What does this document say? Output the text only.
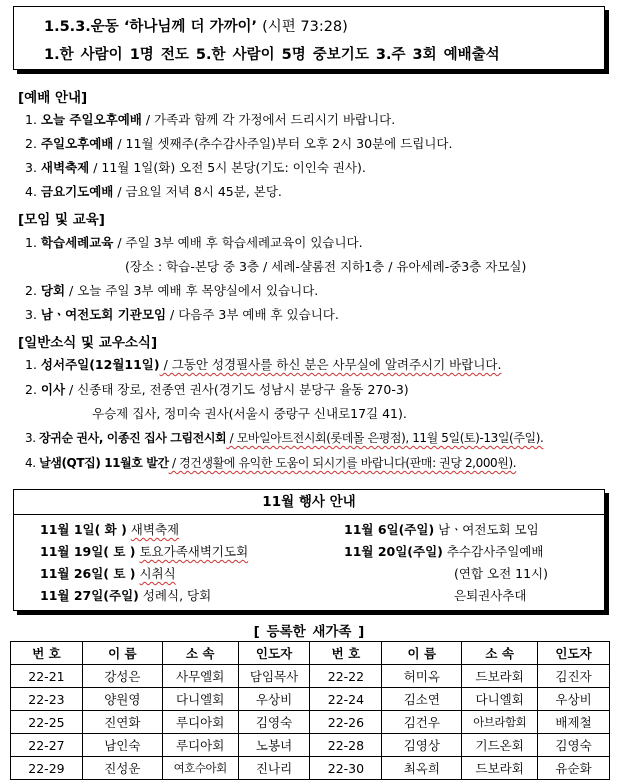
1.5.3.운동 ‘하나님께 더 가까이’ (시편 73:28)
1.한 사람이 1명 전도 5.한 사람이 5명 중보기도 3.주 3회 예배출석
[예배 안내]
1. 오늘 주일오후예배 / 가족과 함께 각 가정에서 드리시기 바랍니다.
2. 주일오후예배 / 11월 셋째주(추수감사주일)부터 오후 2시 30분에 드립니다.
3. 새벽축제 / 11월 1일(화) 오전 5시 본당(기도: 이인숙 권사).
4. 금요기도예배 / 금요일 저녁 8시 45분, 본당.
[모임 및 교육]
1. 학습세례교육 / 주일 3부 예배 후 학습세례교육이 있습니다.
(장소 : 학습-본당 중 3층 / 세례-샬롬전 지하1층 / 유아세례-중3층 자모실)
2. 당회 / 오늘 주일 3부 예배 후 목양실에서 있습니다.
3. 남ㆍ여전도회 기관모임 / 다음주 3부 예배 후 있습니다.
[일반소식 및 교우소식]
1. 성서주일(12월11일) / 그동안 성경필사를 하신 분은 사무실에 알려주시기 바랍니다.
2. 이사 / 신종태 장로, 전종연 권사(경기도 성남시 분당구 율동 270-3)
우승제 집사, 정미숙 권사(서울시 중랑구 신내로17길 41).
3. 장귀순 권사, 이종진 집사 그림전시회 / 모바일아트전시회(롯데몰 은평점), 11월 5일(토)-13일(주일).
4. 날샘(QT집) 11월호 발간 / 경건생활에 유익한 도움이 되시기를 바랍니다(판매: 권당 2,000원).
11월 행사 안내
11월 1일( 화 ) 새벽축제
11월 19일( 토 ) 토요가족새벽기도회
11월 26일( 토 ) 시취식
11월 27일(주일) 성례식, 당회
11월 6일(주일) 남ㆍ여전도회 모임
11월 20일(주일) 추수감사주일예배
(연합 오전 11시)
은퇴권사추대
[ 등록한 새가족 ]
번 호	이 름	소 속	인도자	번 호	이 름	소 속	인도자
22-21	강성은	사무엘회	담임목사	22-22	허미옥	드보라회	김진자
22-23	양원영	다니엘회	우상비	22-24	김소연	다니엘회	우상비
22-25	진연화	루디아회	김영숙	22-26	김건우	아브라함회	배제철
22-27	남인숙	루디아회	노봉녀	22-28	김영상	기드온회	김영숙
22-29	진성운	여호수아회	진나리	22-30	최옥희	드보라회	유순화
